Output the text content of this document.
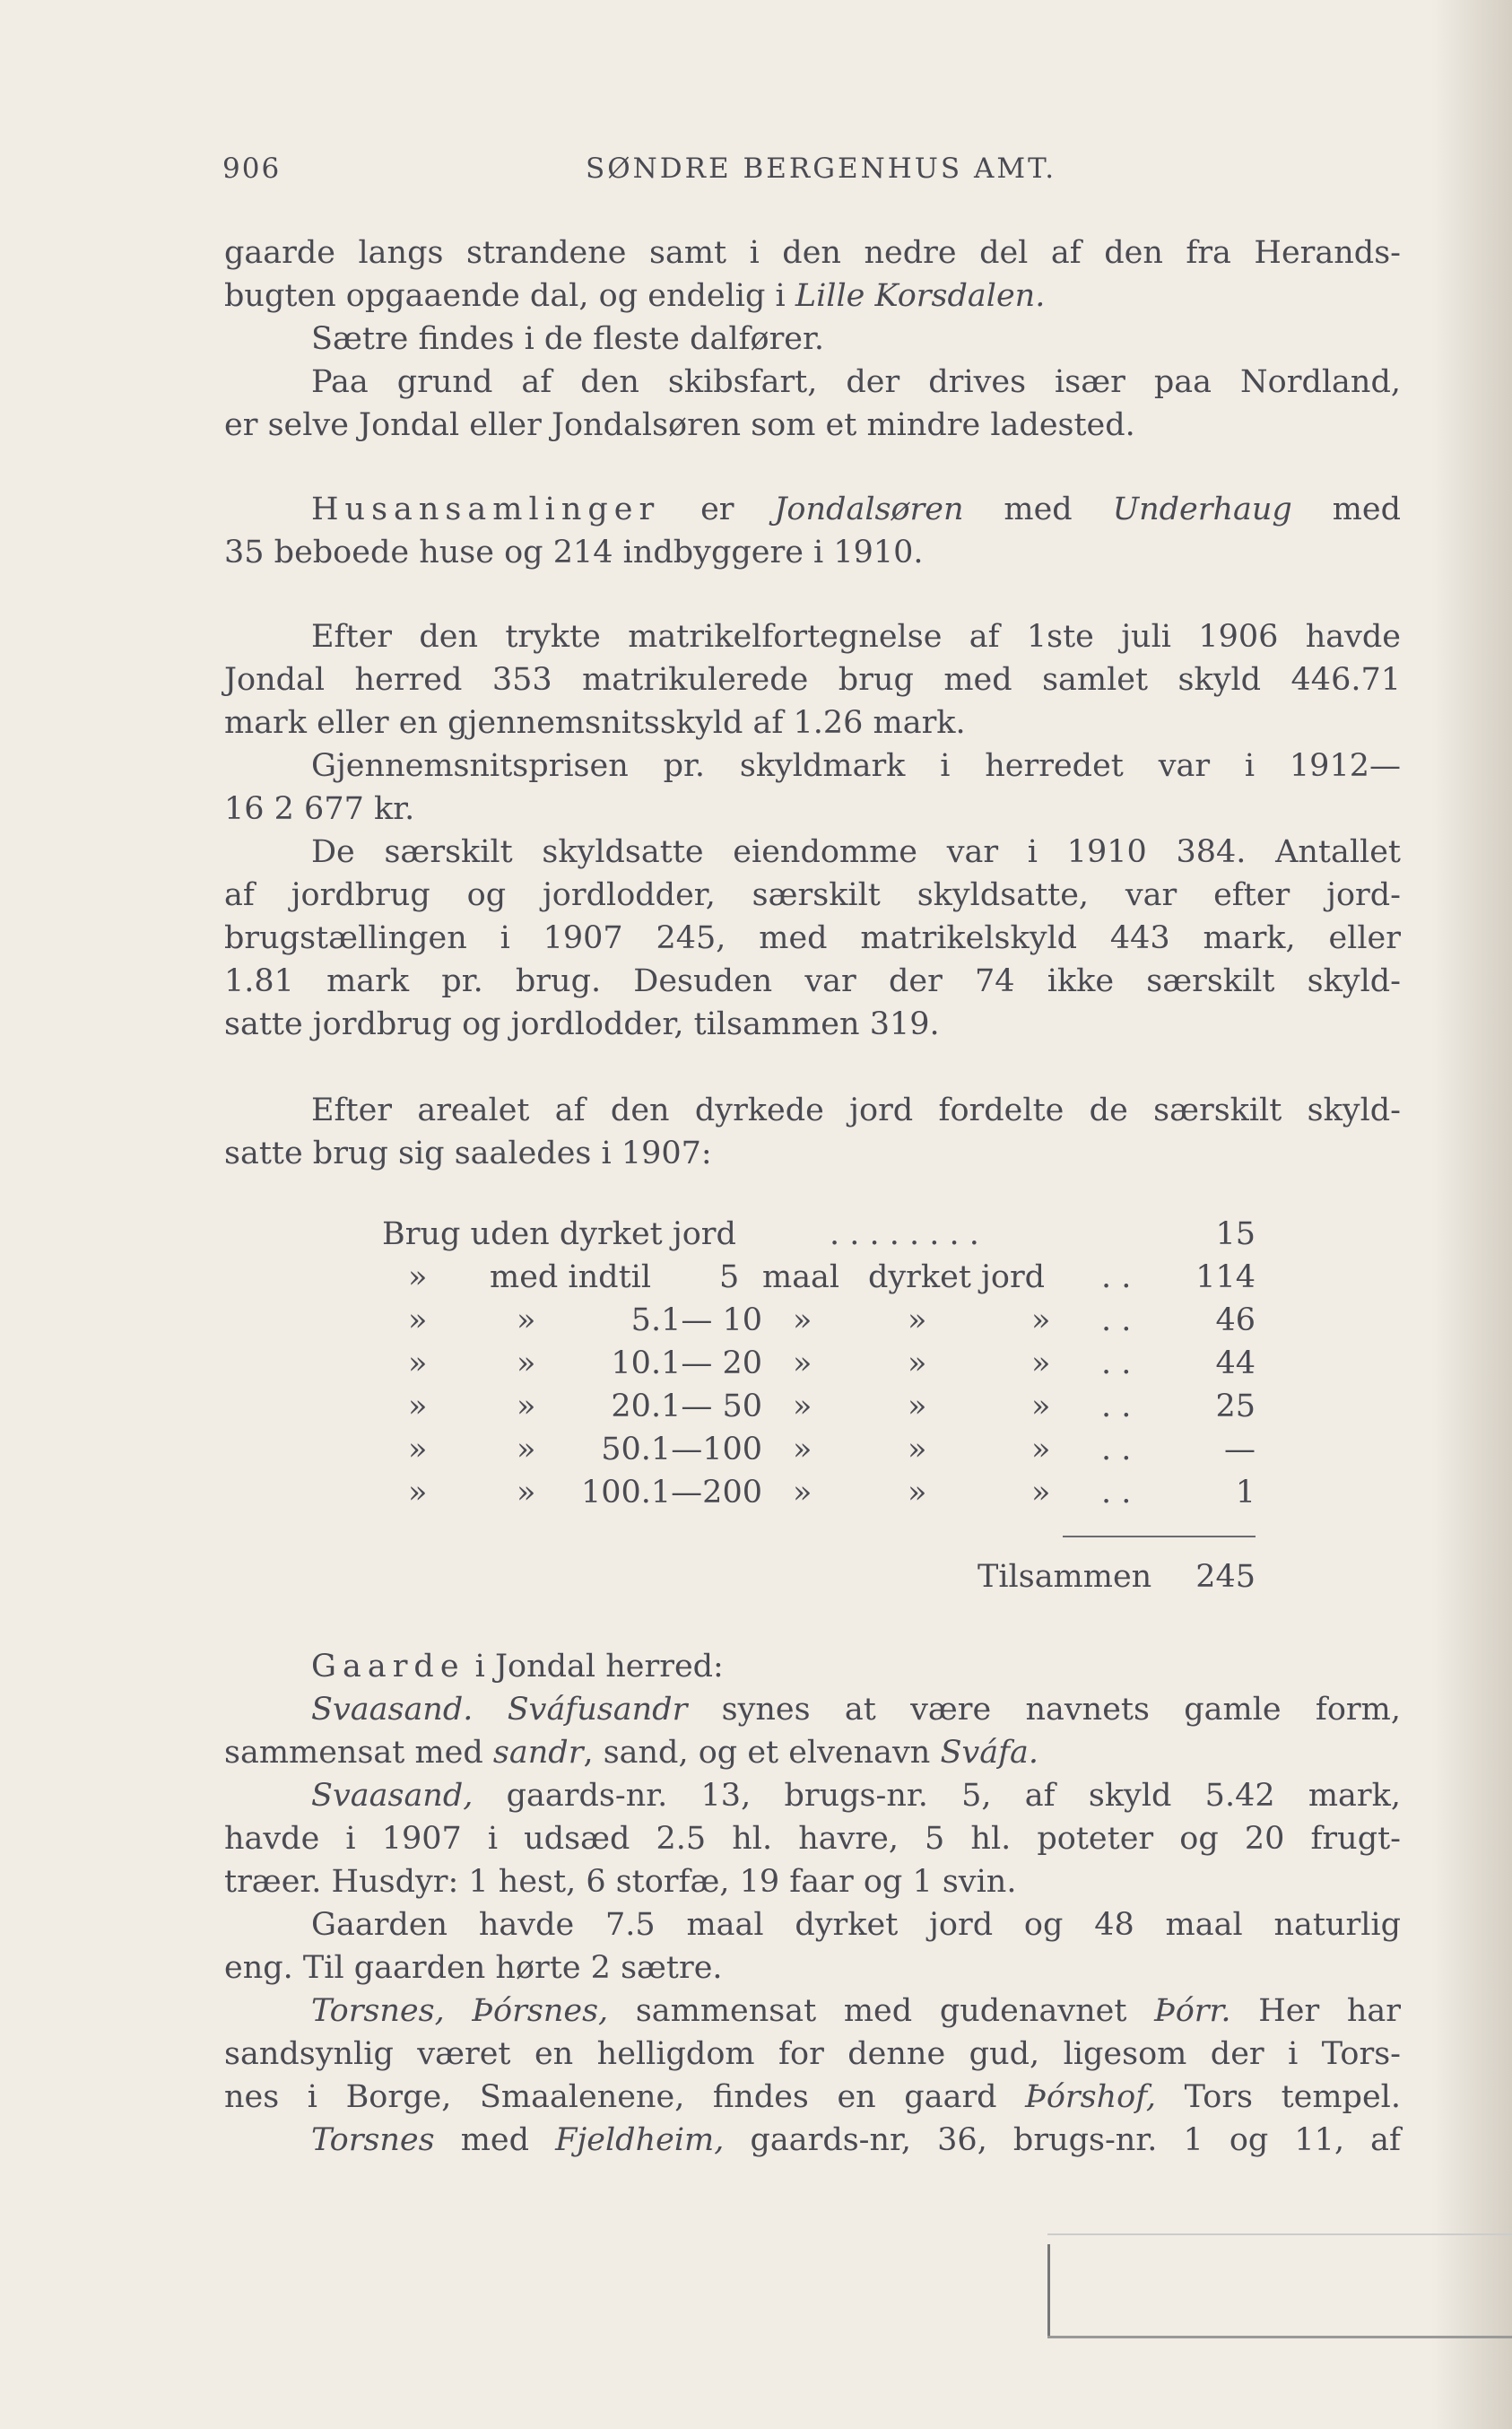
906	SØNDRE BERGENHUS AMT.
gaarde langs strandene samt i den nedre del af den fra Herands-
bugten opgaaende dal, og endelig i Lille Korsdalen.
Sætre findes i de fleste dalfører.
Paa grund af den skibsfart, der drives især paa Nordland,
er selve Jondal eller Jondalsøren som et mindre ladested.
Husansamlinger er Jondalsøren med Underhaug med
35 beboede huse og 214 indbyggere i 1910.
Efter den trykte matrikelfortegnelse af 1ste juli 1906 havde
Jondal herred 353 matrikulerede brug med samlet skyld 446.71
mark eller en gjennemsnitsskyld af 1.26 mark.
Gjennemsnitsprisen pr. skyldmark i herredet var i 1912—
16 2 677 kr.
De særskilt skyldsatte eiendomme var i 1910 384. Antallet
af jordbrug og jordlodder, særskilt skyldsatte, var efter jord-
brugstællingen i 1907 245, med matrikelskyld 443 mark, eller
1.81 mark pr. brug. Desuden var der 74 ikke særskilt skyld-
satte jordbrug og jordlodder, tilsammen 319.
Efter arealet af den dyrkede jord fordelte de særskilt skyld-
satte brug sig saaledes i 1907:
Brug uden dyrket jord	. . . . . . . .	15
» med indtil 5 maal dyrket jord . .	114
»	»	5.1— 10 »	»	» . .	46
»	»	10.1— 20 »	»	» . .	44
»	»	20.1— 50 »	»	» . .	25
»	»	50.1—100 »	»	» . .	—
»	» 100.1—200 »	»	» . .	1
Tilsammen	245
Gaarde i Jondal herred:
Svaasand. Sváfusandr synes at være navnets gamle form,
sammensat med sandr, sand, og et elvenavn Sváfa.
Svaasand, gaards-nr. 13, brugs-nr. 5, af skyld 5.42 mark,
havde i 1907 i udsæd 2.5 hl. havre, 5 hl. poteter og 20 frugt-
træer. Husdyr: 1 hest, 6 storfæ, 19 faar og 1 svin.
Gaarden havde 7.5 maal dyrket jord og 48 maal naturlig
eng. Til gaarden hørte 2 sætre.
Torsnes, Þórsnes, sammensat med gudenavnet Þórr. Her har
sandsynlig været en helligdom for denne gud, ligesom der i Tors-
nes i Borge, Smaalenene, findes en gaard Þórshof, Tors tempel.
Torsnes med Fjeldheim, gaards-nr, 36, brugs-nr. 1 og 11, af
